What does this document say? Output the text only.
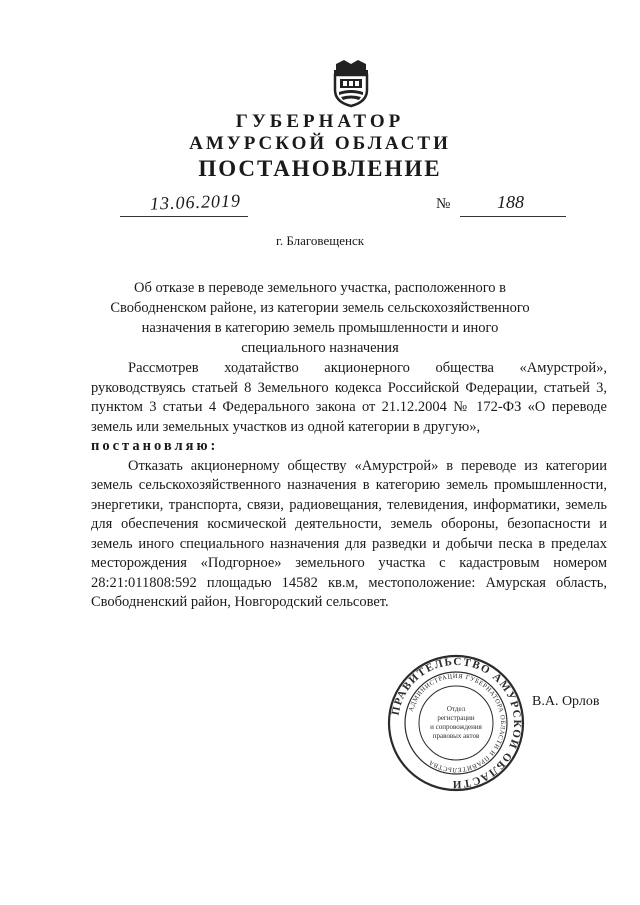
ГУБЕРНАТОР
АМУРСКОЙ ОБЛАСТИ
ПОСТАНОВЛЕНИЕ
13.06.2019	№	188
г. Благовещенск
Об отказе в переводе земельного участка, расположенного в Свободненском районе, из категории земель сельскохозяйственного назначения в категорию земель промышленности и иного специального назначения

Рассмотрев ходатайство акционерного общества «Амурстрой», руководствуясь статьей 8 Земельного кодекса Российской Федерации, статьей 3, пунктом 3 статьи 4 Федерального закона от 21.12.2004 № 172-ФЗ «О переводе земель или земельных участков из одной категории в другую»,

постановляю:

Отказать акционерному обществу «Амурстрой» в переводе из категории земель сельскохозяйственного назначения в категорию земель промышленности, энергетики, транспорта, связи, радиовещания, телевидения, информатики, земель для обеспечения космической деятельности, земель обороны, безопасности и земель иного специального назначения для разведки и добычи песка в пределах месторождения «Подгорное» земельного участка с кадастровым номером 28:21:011808:592 площадью 14582 кв.м, местоположение: Амурская область, Свободненский район, Новгородский сельсовет.

ПРАВИТЕЛЬСТВО АМУРСКОЙ ОБЛАСТИ
АДМИНИСТРАЦИЯ ГУБЕРНАТОРА ОБЛАСТИ И ПРАВИТЕЛЬСТВА
Отдел
регистрации
и сопровождения
правовых актов
В.А. Орлов
